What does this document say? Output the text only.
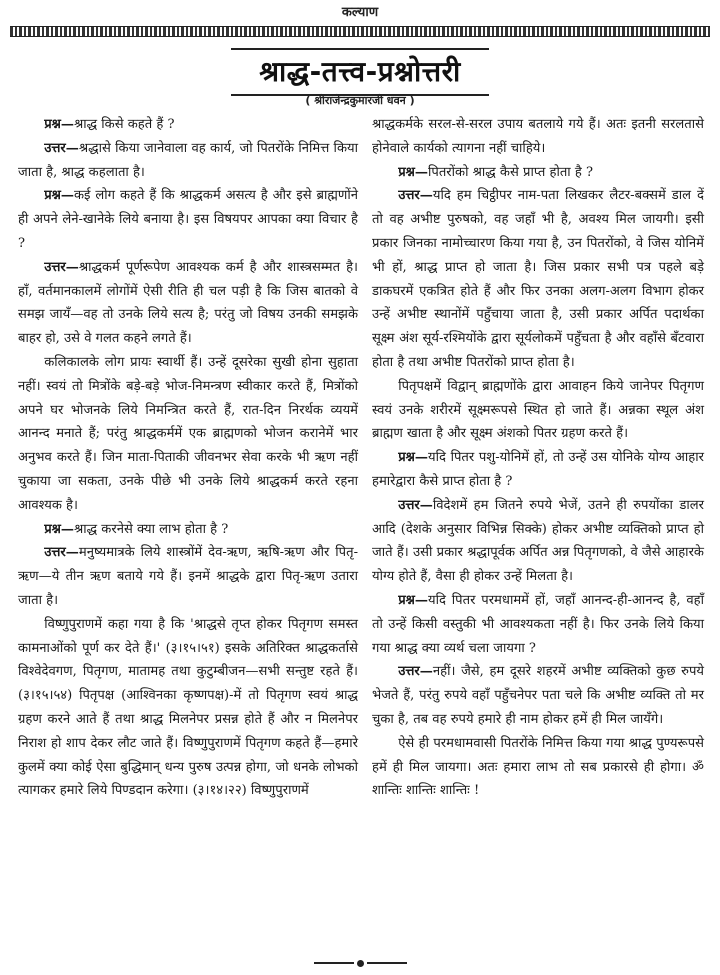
कल्याण
श्राद्ध-तत्त्व-प्रश्नोत्तरी
( श्रीराजेन्द्रकुमारजी धवन )

प्रश्न—श्राद्ध किसे कहते हैं ?

उत्तर—श्रद्धासे किया जानेवाला वह कार्य, जो पितरोंके निमित्त किया जाता है, श्राद्ध कहलाता है।

प्रश्न—कई लोग कहते हैं कि श्राद्धकर्म असत्य है और इसे ब्राह्मणोंने ही अपने लेने-खानेके लिये बनाया है। इस विषयपर आपका क्या विचार है ?

उत्तर—श्राद्धकर्म पूर्णरूपेण आवश्यक कर्म है और शास्त्रसम्मत है। हाँ, वर्तमानकालमें लोगोंमें ऐसी रीति ही चल पड़ी है कि जिस बातको वे समझ जायँ—वह तो उनके लिये सत्य है; परंतु जो विषय उनकी समझके बाहर हो, उसे वे गलत कहने लगते हैं।

कलिकालके लोग प्रायः स्वार्थी हैं। उन्हें दूसरेका सुखी होना सुहाता नहीं। स्वयं तो मित्रोंके बड़े-बड़े भोज-निमन्त्रण स्वीकार करते हैं, मित्रोंको अपने घर भोजनके लिये निमन्त्रित करते हैं, रात-दिन निरर्थक व्ययमें आनन्द मनाते हैं; परंतु श्राद्धकर्ममें एक ब्राह्मणको भोजन करानेमें भार अनुभव करते हैं। जिन माता-पिताकी जीवनभर सेवा करके भी ऋण नहीं चुकाया जा सकता, उनके पीछे भी उनके लिये श्राद्धकर्म करते रहना आवश्यक है।

प्रश्न—श्राद्ध करनेसे क्या लाभ होता है ?

उत्तर—मनुष्यमात्रके लिये शास्त्रोंमें देव-ऋण, ऋषि-ऋण और पितृ-ऋण—ये तीन ऋण बताये गये हैं। इनमें श्राद्धके द्वारा पितृ-ऋण उतारा जाता है।

विष्णुपुराणमें कहा गया है कि 'श्राद्धसे तृप्त होकर पितृगण समस्त कामनाओंको पूर्ण कर देते हैं।' (३।१५।५१) इसके अतिरिक्त श्राद्धकर्तासे विश्वेदेवगण, पितृगण, मातामह तथा कुटुम्बीजन—सभी सन्तुष्ट रहते हैं। (३।१५।५४) पितृपक्ष (आश्विनका कृष्णपक्ष)-में तो पितृगण स्वयं श्राद्ध ग्रहण करने आते हैं तथा श्राद्ध मिलनेपर प्रसन्न होते हैं और न मिलनेपर निराश हो शाप देकर लौट जाते हैं। विष्णुपुराणमें पितृगण कहते हैं—हमारे कुलमें क्या कोई ऐसा बुद्धिमान् धन्य पुरुष उत्पन्न होगा, जो धनके लोभको त्यागकर हमारे लिये पिण्डदान करेगा। (३।१४।२२) विष्णुपुराणमें

श्राद्धकर्मके सरल-से-सरल उपाय बतलाये गये हैं। अतः इतनी सरलतासे होनेवाले कार्यको त्यागना नहीं चाहिये।

प्रश्न—पितरोंको श्राद्ध कैसे प्राप्त होता है ?

उत्तर—यदि हम चिट्ठीपर नाम-पता लिखकर लैटर-बक्समें डाल दें तो वह अभीष्ट पुरुषको, वह जहाँ भी है, अवश्य मिल जायगी। इसी प्रकार जिनका नामोच्चारण किया गया है, उन पितरोंको, वे जिस योनिमें भी हों, श्राद्ध प्राप्त हो जाता है। जिस प्रकार सभी पत्र पहले बड़े डाकघरमें एकत्रित होते हैं और फिर उनका अलग-अलग विभाग होकर उन्हें अभीष्ट स्थानोंमें पहुँचाया जाता है, उसी प्रकार अर्पित पदार्थका सूक्ष्म अंश सूर्य-रश्मियोंके द्वारा सूर्यलोकमें पहुँचता है और वहाँसे बँटवारा होता है तथा अभीष्ट पितरोंको प्राप्त होता है।

पितृपक्षमें विद्वान् ब्राह्मणोंके द्वारा आवाहन किये जानेपर पितृगण स्वयं उनके शरीरमें सूक्ष्मरूपसे स्थित हो जाते हैं। अन्नका स्थूल अंश ब्राह्मण खाता है और सूक्ष्म अंशको पितर ग्रहण करते हैं।

प्रश्न—यदि पितर पशु-योनिमें हों, तो उन्हें उस योनिके योग्य आहार हमारेद्वारा कैसे प्राप्त होता है ?

उत्तर—विदेशमें हम जितने रुपये भेजें, उतने ही रुपयोंका डालर आदि (देशके अनुसार विभिन्न सिक्के) होकर अभीष्ट व्यक्तिको प्राप्त हो जाते हैं। उसी प्रकार श्रद्धापूर्वक अर्पित अन्न पितृगणको, वे जैसे आहारके योग्य होते हैं, वैसा ही होकर उन्हें मिलता है।

प्रश्न—यदि पितर परमधाममें हों, जहाँ आनन्द-ही-आनन्द है, वहाँ तो उन्हें किसी वस्तुकी भी आवश्यकता नहीं है। फिर उनके लिये किया गया श्राद्ध क्या व्यर्थ चला जायगा ?

उत्तर—नहीं। जैसे, हम दूसरे शहरमें अभीष्ट व्यक्तिको कुछ रुपये भेजते हैं, परंतु रुपये वहाँ पहुँचनेपर पता चले कि अभीष्ट व्यक्ति तो मर चुका है, तब वह रुपये हमारे ही नाम होकर हमें ही मिल जायँगे।

ऐसे ही परमधामवासी पितरोंके निमित्त किया गया श्राद्ध पुण्यरूपसे हमें ही मिल जायगा। अतः हमारा लाभ तो सब प्रकारसे ही होगा। ॐ शान्तिः शान्तिः शान्तिः !
